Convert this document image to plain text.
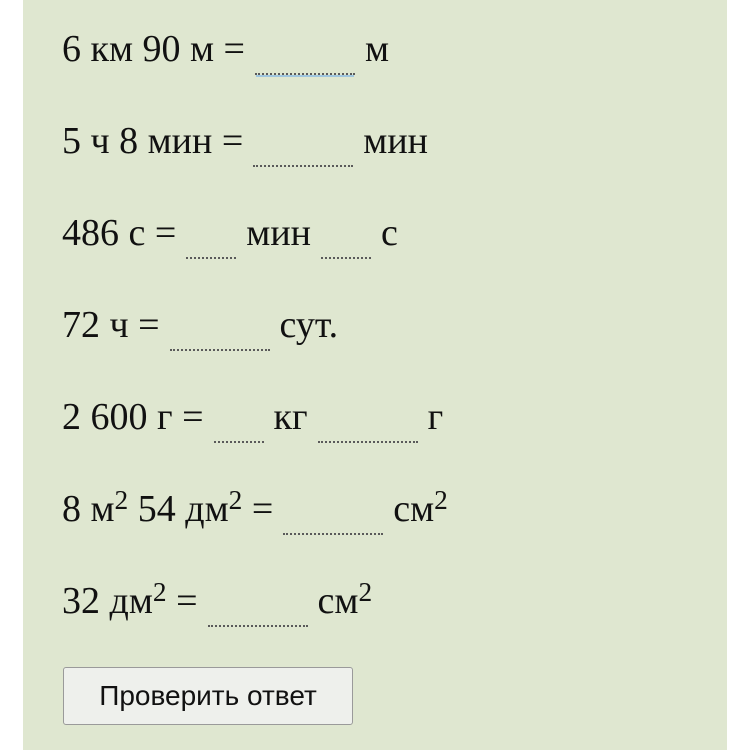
6 км 90 м =	м
5 ч 8 мин =	мин
486 с = мин с
72 ч =	сут.
2 600 г = кг	г
8 $м^2$ 54 $дм^2$ =	$см^2$
32 $дм^2$ =	$см^2$
Проверить ответ
